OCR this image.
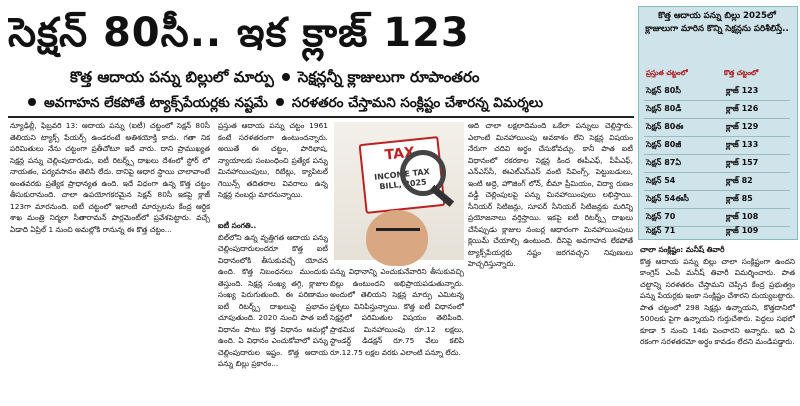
సెక్షన్ 80సీ.. ఇక క్లాజ్ 123
కొత్త ఆదాయ పన్ను బిల్లులో మార్పు సెక్షన్లన్నీ క్లాజులుగా రూపాంతరం
అవగాహన లేకపోతే ట్యాక్స్‌పేయర్లకు నష్టమే సరళతరం చేస్తామని సంక్లిష్టం చేశారన్న విమర్శలు
న్యూఢిల్లీ, ఫిబ్రవరి 13: ఆదాయ పన్ను (ఐటీ) చట్టంలో సెక్షన్ 80సీ తెలియని ట్యాక్స్ పేయర్స్ ఉండరంటే అతిశయోక్తి కాదు. గతా నిక పరిమితులు నేను చట్టంగా ప్రతీచోటూ ఇదే వారు. దాని ప్రాముఖ్యత సెక్షన్ల పన్ను చెల్లింపుదారుడు, ఐటీ రిటర్న్స్ దాఖలు దేశంలో స్టోర్ లో నాయతం, పర్యవసానం తెలిసి లేదు. దానిపై ఆధార స్థాయి చాలావాంటే అంతవరకు ప్రత్యేక ప్రాధాన్యత ఉంది. ఇదే విధంగా ఉన్న కొత్త చట్టం తీసుకురానుంది. చాలా ఉపయోగకరమైన సెక్షన్ 80సీ ఇకపై క్లాజ్ 123గా మారనుంది. ఐటీ చట్టంలో ఇలాంటి మార్పులను కేంద్ర ఆర్థిక శాఖ మంత్రి నిర్మలా సీతారామన్ పార్లమెంట్‌లో ప్రవేశపెట్టారు. వచ్చే ఏడాది ఏప్రిల్ 1 నుంచి అమల్లోకి రానున్న ఈ కొత్త చట్టం...
ప్రస్తుత ఆదాయ పన్ను చట్టం 1961 కంటే సరళతరంగా ఉంటుందన్నారు. అయితే ఈ చట్టం, పారిభాష, న్యాయాలకు సంబంధించి ప్రత్యేక పన్ను మినహాయింపులు, రిబేట్లు, క్యాపిటల్ గెయిన్స్ తదితరాల వివరాలు ఉన్న సెక్షన్ల నంబర్లు మారనున్నాయి.
ఐటీ సంగతి..
బిల్‌లోని ఉన్న వృత్తిగత ఆదాయ పన్ను చెల్లింపుదారులందరూ కొత్త ఐటీ విధానంలోకి తీసుకువచ్చే యోచన ఉంది. కొత్త నిబంధనలు ముందుకు తెస్తుంది. సెక్షన్ల సంఖ్య తగ్గి, క్లాజుల సంఖ్య పెరుగుతుంది. ఈ పరిణామం ఐటీ రిటర్న్స్ దాఖలుపై ప్రభావం చూపుతుంది. 2020 నుంచి పాత ఐటీ విధానం పాటు కొత్త విధానం అమల్లో ఉంది. ఏ విధానం ఎంచుకోవాలో పన్ను చెల్లింపుదారుల ఇష్టం. కొత్త ఆదాయ పన్ను బిల్లు ప్రకారం...
TAX
INCOME TAX BILL, 2025
పన్ను విధానాన్ని ఎంచుకునేవారిని తీసుకువచ్చి బిల్లు ఉంటుందని అభిప్రాయపడుతున్నారు. అందులో తెలియని సెక్షన్ల మార్పు ఎమిటన్న ప్రశ్నలు వినిపిస్తున్నాయి. కొత్త ఐటీ విధానంలో సెక్షన్లలో పరిమితుల విషయం తెలిపింది. ప్రాథమిక మినహాయింపు రూ.12 లక్షలు, స్టాండర్డ్ డిడక్షన్ రూ.75 వేలు కలిపి రూ.12.75 లక్షల వరకు ఎలాంటి పన్నూ లేదు.
ఆది చాలా లక్షలాదిమంది ఒకేలా పన్నులు చెల్లిస్తారు. ఎలాంటి మినహాయింపు అవకాశం లేని సెక్షన్ల విషయం నేరుగా చదివి అర్థం చేసుకోవచ్చు. కానీ పాత ఐటీ విధానంలో రకరకాల సెక్షన్ల కింద ఈపీఎఫ్, పీపీఎఫ్, ఎన్‌ఎస్‌సీ, ఈఎల్‌ఎస్‌ఎస్ వంటి సేవింగ్స్, పెట్టుబడులు, ఇంటి అద్దె, హౌజింగ్ లోన్, బీమా ప్రీమియం, విద్యా రుణం వడ్డీ చెల్లింపులపై పన్ను మినహాయింపులు లభిస్తాయి. సీనియర్ సిటిజన్లు, సూపర్ సీనియర్ సిటిజన్లకు మరిన్ని ప్రయోజనాలు వర్తిస్తాయి. ఇకపై ఐటీ రిటర్న్స్ దాఖలు చేసేప్పుడు క్లాజుల నంబర్ల ఆధారంగా మినహాయింపులు క్లెయిమ్ చేయాల్సి ఉంటుంది. దీనిపై అవగాహన లేకపోతే ట్యాక్స్‌పేయర్లకు నష్టం జరగవచ్చని నిపుణులు హెచ్చరిస్తున్నారు.
కొత్త ఆదాయ పన్ను బిల్లు 2025లో క్లాజులుగా మారిన కొన్ని సెక్షన్లను పరిశీలిస్తే..
ప్రస్తుత చట్టంలో	కొత్త చట్టంలో
సెక్షన్ 80సీ	క్లాజ్ 123
సెక్షన్ 80డీ	క్లాజ్ 126
సెక్షన్ 80ఈ	క్లాజ్ 129
సెక్షన్ 80జీ	క్లాజ్ 133
సెక్షన్ 87ఏ	క్లాజ్ 157
సెక్షన్ 54	క్లాజ్ 82
సెక్షన్ 54ఈసీ	క్లాజ్ 85
సెక్షన్ 70	క్లాజ్ 108
సెక్షన్ 71	క్లాజ్ 109
చాలా సంక్లిష్టం: మనీష్ తివారీ
కొత్త ఆదాయ పన్ను బిల్లు చాలా సంక్లిష్టంగా ఉందని కాంగ్రెస్ ఎంపీ మనీష్ తివారీ విమర్శించారు. పాత చట్టాన్ని సరళతరం చేస్తామని చెప్పిన కేంద్ర ప్రభుత్వం పన్ను పేయర్లకు ఇంకా సంక్లిష్టం చేశారని దుయ్యబట్టారు. పాత చట్టంలో 298 సెక్షన్లు ఉన్నాయని, కొత్తదానిలో 500లకు పైగా ఉన్నాయని గుర్తుచేశారు. పెద్దలు సభలో కూడా 5 నుంచి 14కు పెంచారని అన్నారు. ఇది ఏ రకంగా సరళతరమో అర్థం కావడం లేదని మండిపడ్డారు.
